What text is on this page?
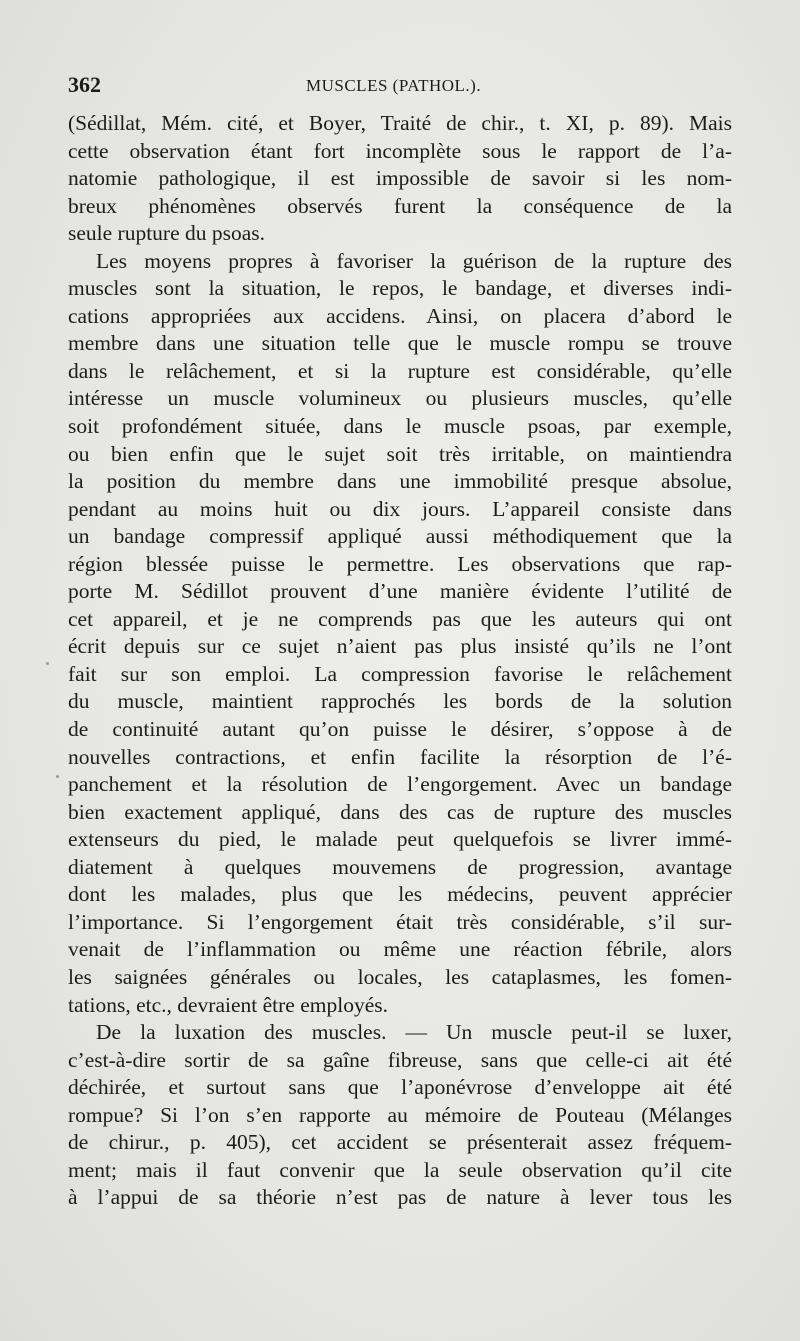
362	MUSCLES (PATHOL.).
(Sédillat, Mém. cité, et Boyer, Traité de chir., t. XI, p. 89). Mais
cette observation étant fort incomplète sous le rapport de l’a-
natomie pathologique, il est impossible de savoir si les nom-
breux phénomènes observés furent la conséquence de la
seule rupture du psoas.
Les moyens propres à favoriser la guérison de la rupture des
muscles sont la situation, le repos, le bandage, et diverses indi-
cations appropriées aux accidens. Ainsi, on placera d’abord le
membre dans une situation telle que le muscle rompu se trouve
dans le relâchement, et si la rupture est considérable, qu’elle
intéresse un muscle volumineux ou plusieurs muscles, qu’elle
soit profondément située, dans le muscle psoas, par exemple,
ou bien enfin que le sujet soit très irritable, on maintiendra
la position du membre dans une immobilité presque absolue,
pendant au moins huit ou dix jours. L’appareil consiste dans
un bandage compressif appliqué aussi méthodiquement que la
région blessée puisse le permettre. Les observations que rap-
porte M. Sédillot prouvent d’une manière évidente l’utilité de
cet appareil, et je ne comprends pas que les auteurs qui ont
écrit depuis sur ce sujet n’aient pas plus insisté qu’ils ne l’ont
fait sur son emploi. La compression favorise le relâchement
du muscle, maintient rapprochés les bords de la solution
de continuité autant qu’on puisse le désirer, s’oppose à de
nouvelles contractions, et enfin facilite la résorption de l’é-
panchement et la résolution de l’engorgement. Avec un bandage
bien exactement appliqué, dans des cas de rupture des muscles
extenseurs du pied, le malade peut quelquefois se livrer immé-
diatement à quelques mouvemens de progression, avantage
dont les malades, plus que les médecins, peuvent apprécier
l’importance. Si l’engorgement était très considérable, s’il sur-
venait de l’inflammation ou même une réaction fébrile, alors
les saignées générales ou locales, les cataplasmes, les fomen-
tations, etc., devraient être employés.
De la luxation des muscles. — Un muscle peut-il se luxer,
c’est-à-dire sortir de sa gaîne fibreuse, sans que celle-ci ait été
déchirée, et surtout sans que l’aponévrose d’enveloppe ait été
rompue? Si l’on s’en rapporte au mémoire de Pouteau (Mélanges
de chirur., p. 405), cet accident se présenterait assez fréquem-
ment; mais il faut convenir que la seule observation qu’il cite
à l’appui de sa théorie n’est pas de nature à lever tous les
